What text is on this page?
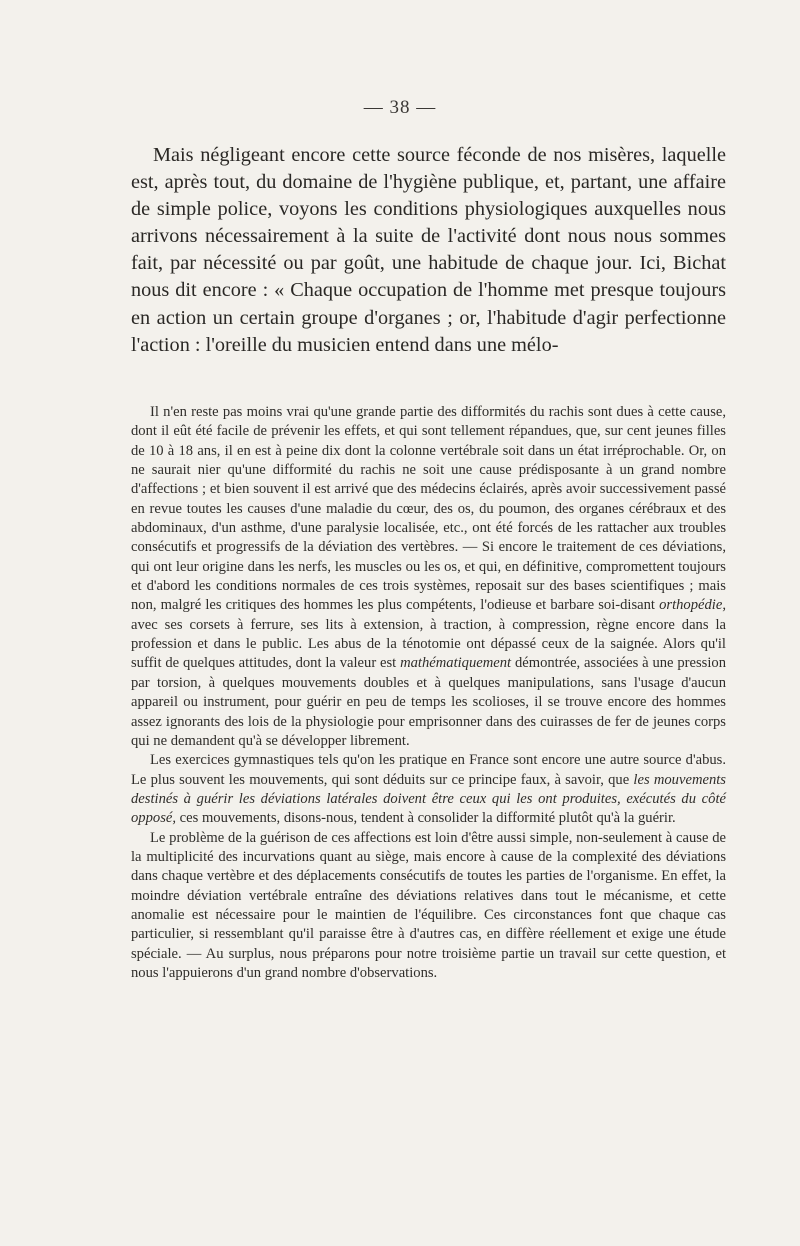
— 38 —

Mais négligeant encore cette source féconde de nos misères, laquelle est, après tout, du domaine de l'hygiène publique, et, partant, une affaire de simple police, voyons les conditions physiologiques auxquelles nous arrivons nécessairement à la suite de l'activité dont nous nous sommes fait, par nécessité ou par goût, une habitude de chaque jour. Ici, Bichat nous dit encore : « Chaque occupation de l'homme met presque toujours en action un certain groupe d'organes ; or, l'habitude d'agir perfectionne l'action : l'oreille du musicien entend dans une mélo-

Il n'en reste pas moins vrai qu'une grande partie des difformités du rachis sont dues à cette cause, dont il eût été facile de prévenir les effets, et qui sont tellement répandues, que, sur cent jeunes filles de 10 à 18 ans, il en est à peine dix dont la colonne vertébrale soit dans un état irréprochable. Or, on ne saurait nier qu'une difformité du rachis ne soit une cause prédisposante à un grand nombre d'affections ; et bien souvent il est arrivé que des médecins éclairés, après avoir successivement passé en revue toutes les causes d'une maladie du cœur, des os, du poumon, des organes cérébraux et des abdominaux, d'un asthme, d'une paralysie localisée, etc., ont été forcés de les rattacher aux troubles consécutifs et progressifs de la déviation des vertèbres. — Si encore le traitement de ces déviations, qui ont leur origine dans les nerfs, les muscles ou les os, et qui, en définitive, compromettent toujours et d'abord les conditions normales de ces trois systèmes, reposait sur des bases scientifiques ; mais non, malgré les critiques des hommes les plus compétents, l'odieuse et barbare soi-disant orthopédie, avec ses corsets à ferrure, ses lits à extension, à traction, à compression, règne encore dans la profession et dans le public. Les abus de la ténotomie ont dépassé ceux de la saignée. Alors qu'il suffit de quelques attitudes, dont la valeur est mathématiquement démontrée, associées à une pression par torsion, à quelques mouvements doubles et à quelques manipulations, sans l'usage d'aucun appareil ou instrument, pour guérir en peu de temps les scolioses, il se trouve encore des hommes assez ignorants des lois de la physiologie pour emprisonner dans des cuirasses de fer de jeunes corps qui ne demandent qu'à se développer librement.

Les exercices gymnastiques tels qu'on les pratique en France sont encore une autre source d'abus. Le plus souvent les mouvements, qui sont déduits sur ce principe faux, à savoir, que les mouvements destinés à guérir les déviations latérales doivent être ceux qui les ont produites, exécutés du côté opposé, ces mouvements, disons-nous, tendent à consolider la difformité plutôt qu'à la guérir.

Le problème de la guérison de ces affections est loin d'être aussi simple, non-seulement à cause de la multiplicité des incurvations quant au siège, mais encore à cause de la complexité des déviations dans chaque vertèbre et des déplacements consécutifs de toutes les parties de l'organisme. En effet, la moindre déviation vertébrale entraîne des déviations relatives dans tout le mécanisme, et cette anomalie est nécessaire pour le maintien de l'équilibre. Ces circonstances font que chaque cas particulier, si ressemblant qu'il paraisse être à d'autres cas, en diffère réellement et exige une étude spéciale. — Au surplus, nous préparons pour notre troisième partie un travail sur cette question, et nous l'appuierons d'un grand nombre d'observations.
